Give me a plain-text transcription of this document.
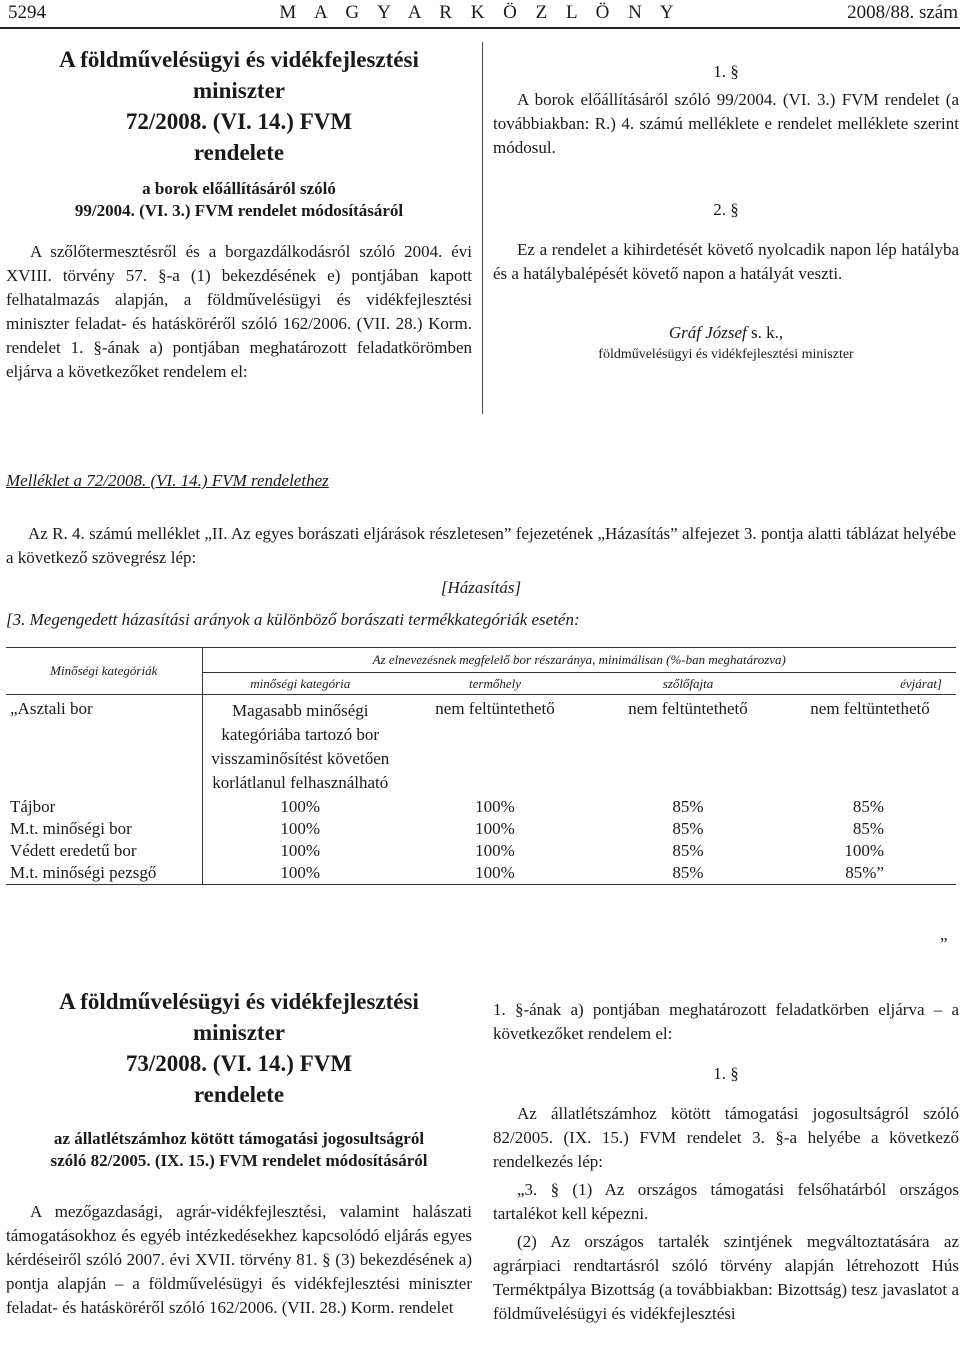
5294	M A G Y A R K Ö Z L Ö N Y	2008/88. szám
A földművelésügyi és vidékfejlesztési
miniszter
72/2008. (VI. 14.) FVM
rendelete
a borok előállításáról szóló
99/2004. (VI. 3.) FVM rendelet módosításáról

A szőlőtermesztésről és a borgazdálkodásról szóló 2004. évi XVIII. törvény 57. §-a (1) bekezdésének e) pontjában kapott felhatalmazás alapján, a földművelésügyi és vidékfejlesztési miniszter feladat- és hatásköréről szóló 162/2006. (VII. 28.) Korm. rendelet 1. §-ának a) pontjában meghatározott feladatkörömben eljárva a következőket rendelem el:

1. §

A borok előállításáról szóló 99/2004. (VI. 3.) FVM rendelet (a továbbiakban: R.) 4. számú melléklete e rendelet melléklete szerint módosul.

2. §

Ez a rendelet a kihirdetését követő nyolcadik napon lép hatályba és a hatálybalépését követő napon a hatályát veszti.

Gráf József s. k.,
földművelésügyi és vidékfejlesztési miniszter
Melléklet a 72/2008. (VI. 14.) FVM rendelethez
Az R. 4. számú melléklet „II. Az egyes borászati eljárások részletesen” fejezetének „Házasítás” alfejezet 3. pontja alatti táblázat helyébe a következő szövegrész lép:
[Házasítás]
[3. Megengedett házasítási arányok a különböző borászati termékkategóriák esetén:
Minőségi kategóriák	Az elnevezésnek megfelelő bor részaránya, minimálisan (%-ban meghatározva)			
	minőségi kategória	termőhely	szőlőfajta	évjárat]
„Asztali bor	Magasabb minőségi kategóriába tartozó bor visszaminősítést követően korlátlanul felhasználható	nem feltüntethető	nem feltüntethető	nem feltüntethető
Tájbor	100%	100%	85%	85%
M.t. minőségi bor	100%	100%	85%	85%
Védett eredetű bor	100%	100%	85%	100%
M.t. minőségi pezsgő	100%	100%	85%	85%”
”
A földművelésügyi és vidékfejlesztési
miniszter
73/2008. (VI. 14.) FVM
rendelete
az állatlétszámhoz kötött támogatási jogosultságról
szóló 82/2005. (IX. 15.) FVM rendelet módosításáról

A mezőgazdasági, agrár-vidékfejlesztési, valamint halászati támogatásokhoz és egyéb intézkedésekhez kapcsolódó eljárás egyes kérdéseiről szóló 2007. évi XVII. törvény 81. § (3) bekezdésének a) pontja alapján – a földművelésügyi és vidékfejlesztési miniszter feladat- és hatásköréről szóló 162/2006. (VII. 28.) Korm. rendelet

1. §-ának a) pontjában meghatározott feladatkörben eljárva – a következőket rendelem el:

1. §

Az állatlétszámhoz kötött támogatási jogosultságról szóló 82/2005. (IX. 15.) FVM rendelet 3. §-a helyébe a következő rendelkezés lép:

„3. § (1) Az országos támogatási felsőhatárból országos tartalékot kell képezni.

(2) Az országos tartalék szintjének megváltoztatására az agrárpiaci rendtartásról szóló törvény alapján létrehozott Hús Terméktpálya Bizottság (a továbbiakban: Bizottság) tesz javaslatot a földművelésügyi és vidékfejlesztési
